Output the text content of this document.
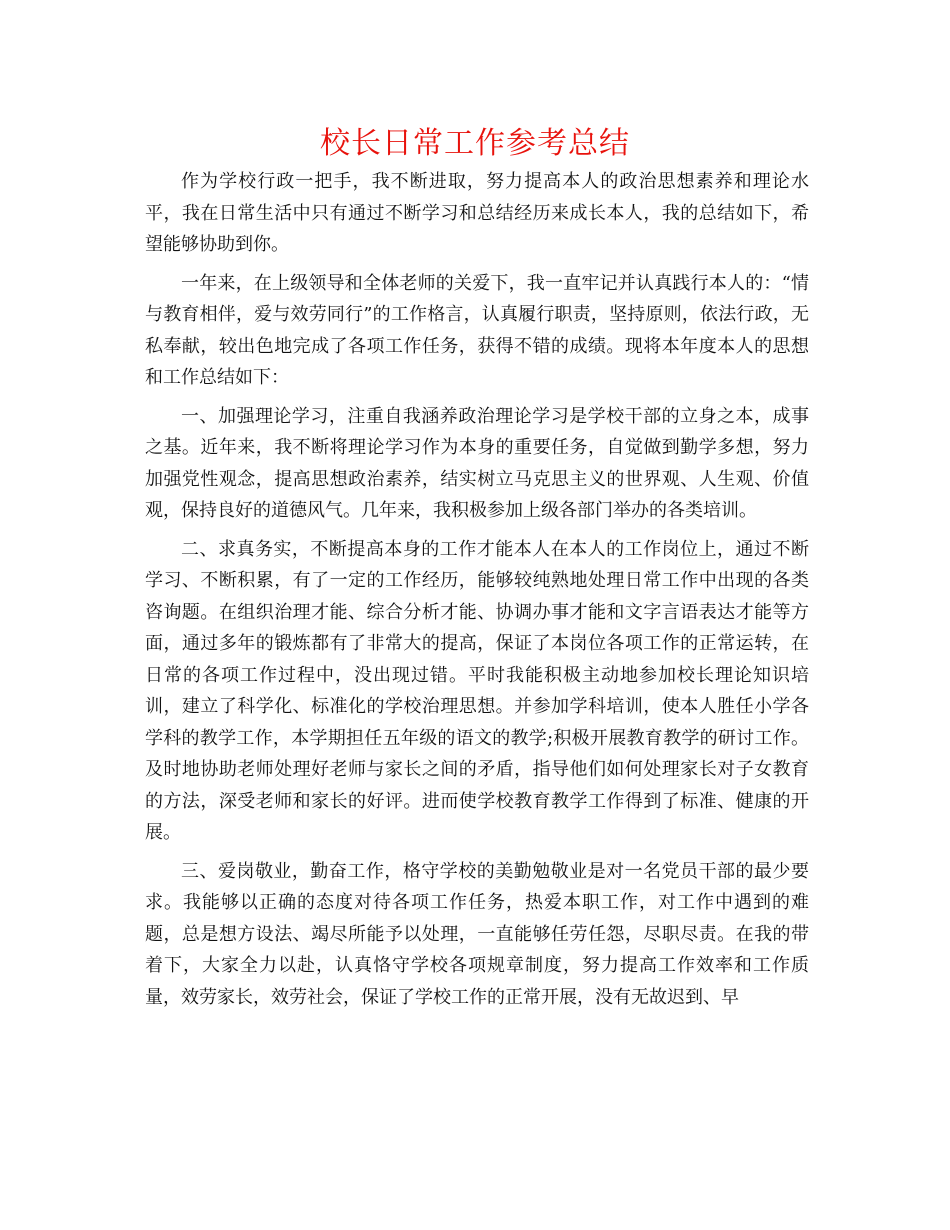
校长日常工作参考总结

作为学校行政一把手，我不断进取，努力提高本人的政治思想素养和理论水平，我在日常生活中只有通过不断学习和总结经历来成长本人，我的总结如下，希望能够协助到你。

一年来，在上级领导和全体老师的关爱下，我一直牢记并认真践行本人的：“情与教育相伴，爱与效劳同行”的工作格言，认真履行职责，坚持原则，依法行政，无私奉献，较出色地完成了各项工作任务，获得不错的成绩。现将本年度本人的思想和工作总结如下：

一、加强理论学习，注重自我涵养政治理论学习是学校干部的立身之本，成事之基。近年来，我不断将理论学习作为本身的重要任务，自觉做到勤学多想，努力加强党性观念，提高思想政治素养，结实树立马克思主义的世界观、人生观、价值观，保持良好的道德风气。几年来，我积极参加上级各部门举办的各类培训。

二、求真务实，不断提高本身的工作才能本人在本人的工作岗位上，通过不断学习、不断积累，有了一定的工作经历，能够较纯熟地处理日常工作中出现的各类咨询题。在组织治理才能、综合分析才能、协调办事才能和文字言语表达才能等方面，通过多年的锻炼都有了非常大的提高，保证了本岗位各项工作的正常运转，在日常的各项工作过程中，没出现过错。平时我能积极主动地参加校长理论知识培训，建立了科学化、标准化的学校治理思想。并参加学科培训，使本人胜任小学各学科的教学工作，本学期担任五年级的语文的教学;积极开展教育教学的研讨工作。及时地协助老师处理好老师与家长之间的矛盾，指导他们如何处理家长对子女教育的方法，深受老师和家长的好评。进而使学校教育教学工作得到了标准、健康的开展。

三、爱岗敬业，勤奋工作，格守学校的美勤勉敬业是对一名党员干部的最少要求。我能够以正确的态度对待各项工作任务，热爱本职工作，对工作中遇到的难题，总是想方设法、竭尽所能予以处理，一直能够任劳任怨，尽职尽责。在我的带着下，大家全力以赴，认真恪守学校各项规章制度，努力提高工作效率和工作质量，效劳家长，效劳社会，保证了学校工作的正常开展，没有无故迟到、早
